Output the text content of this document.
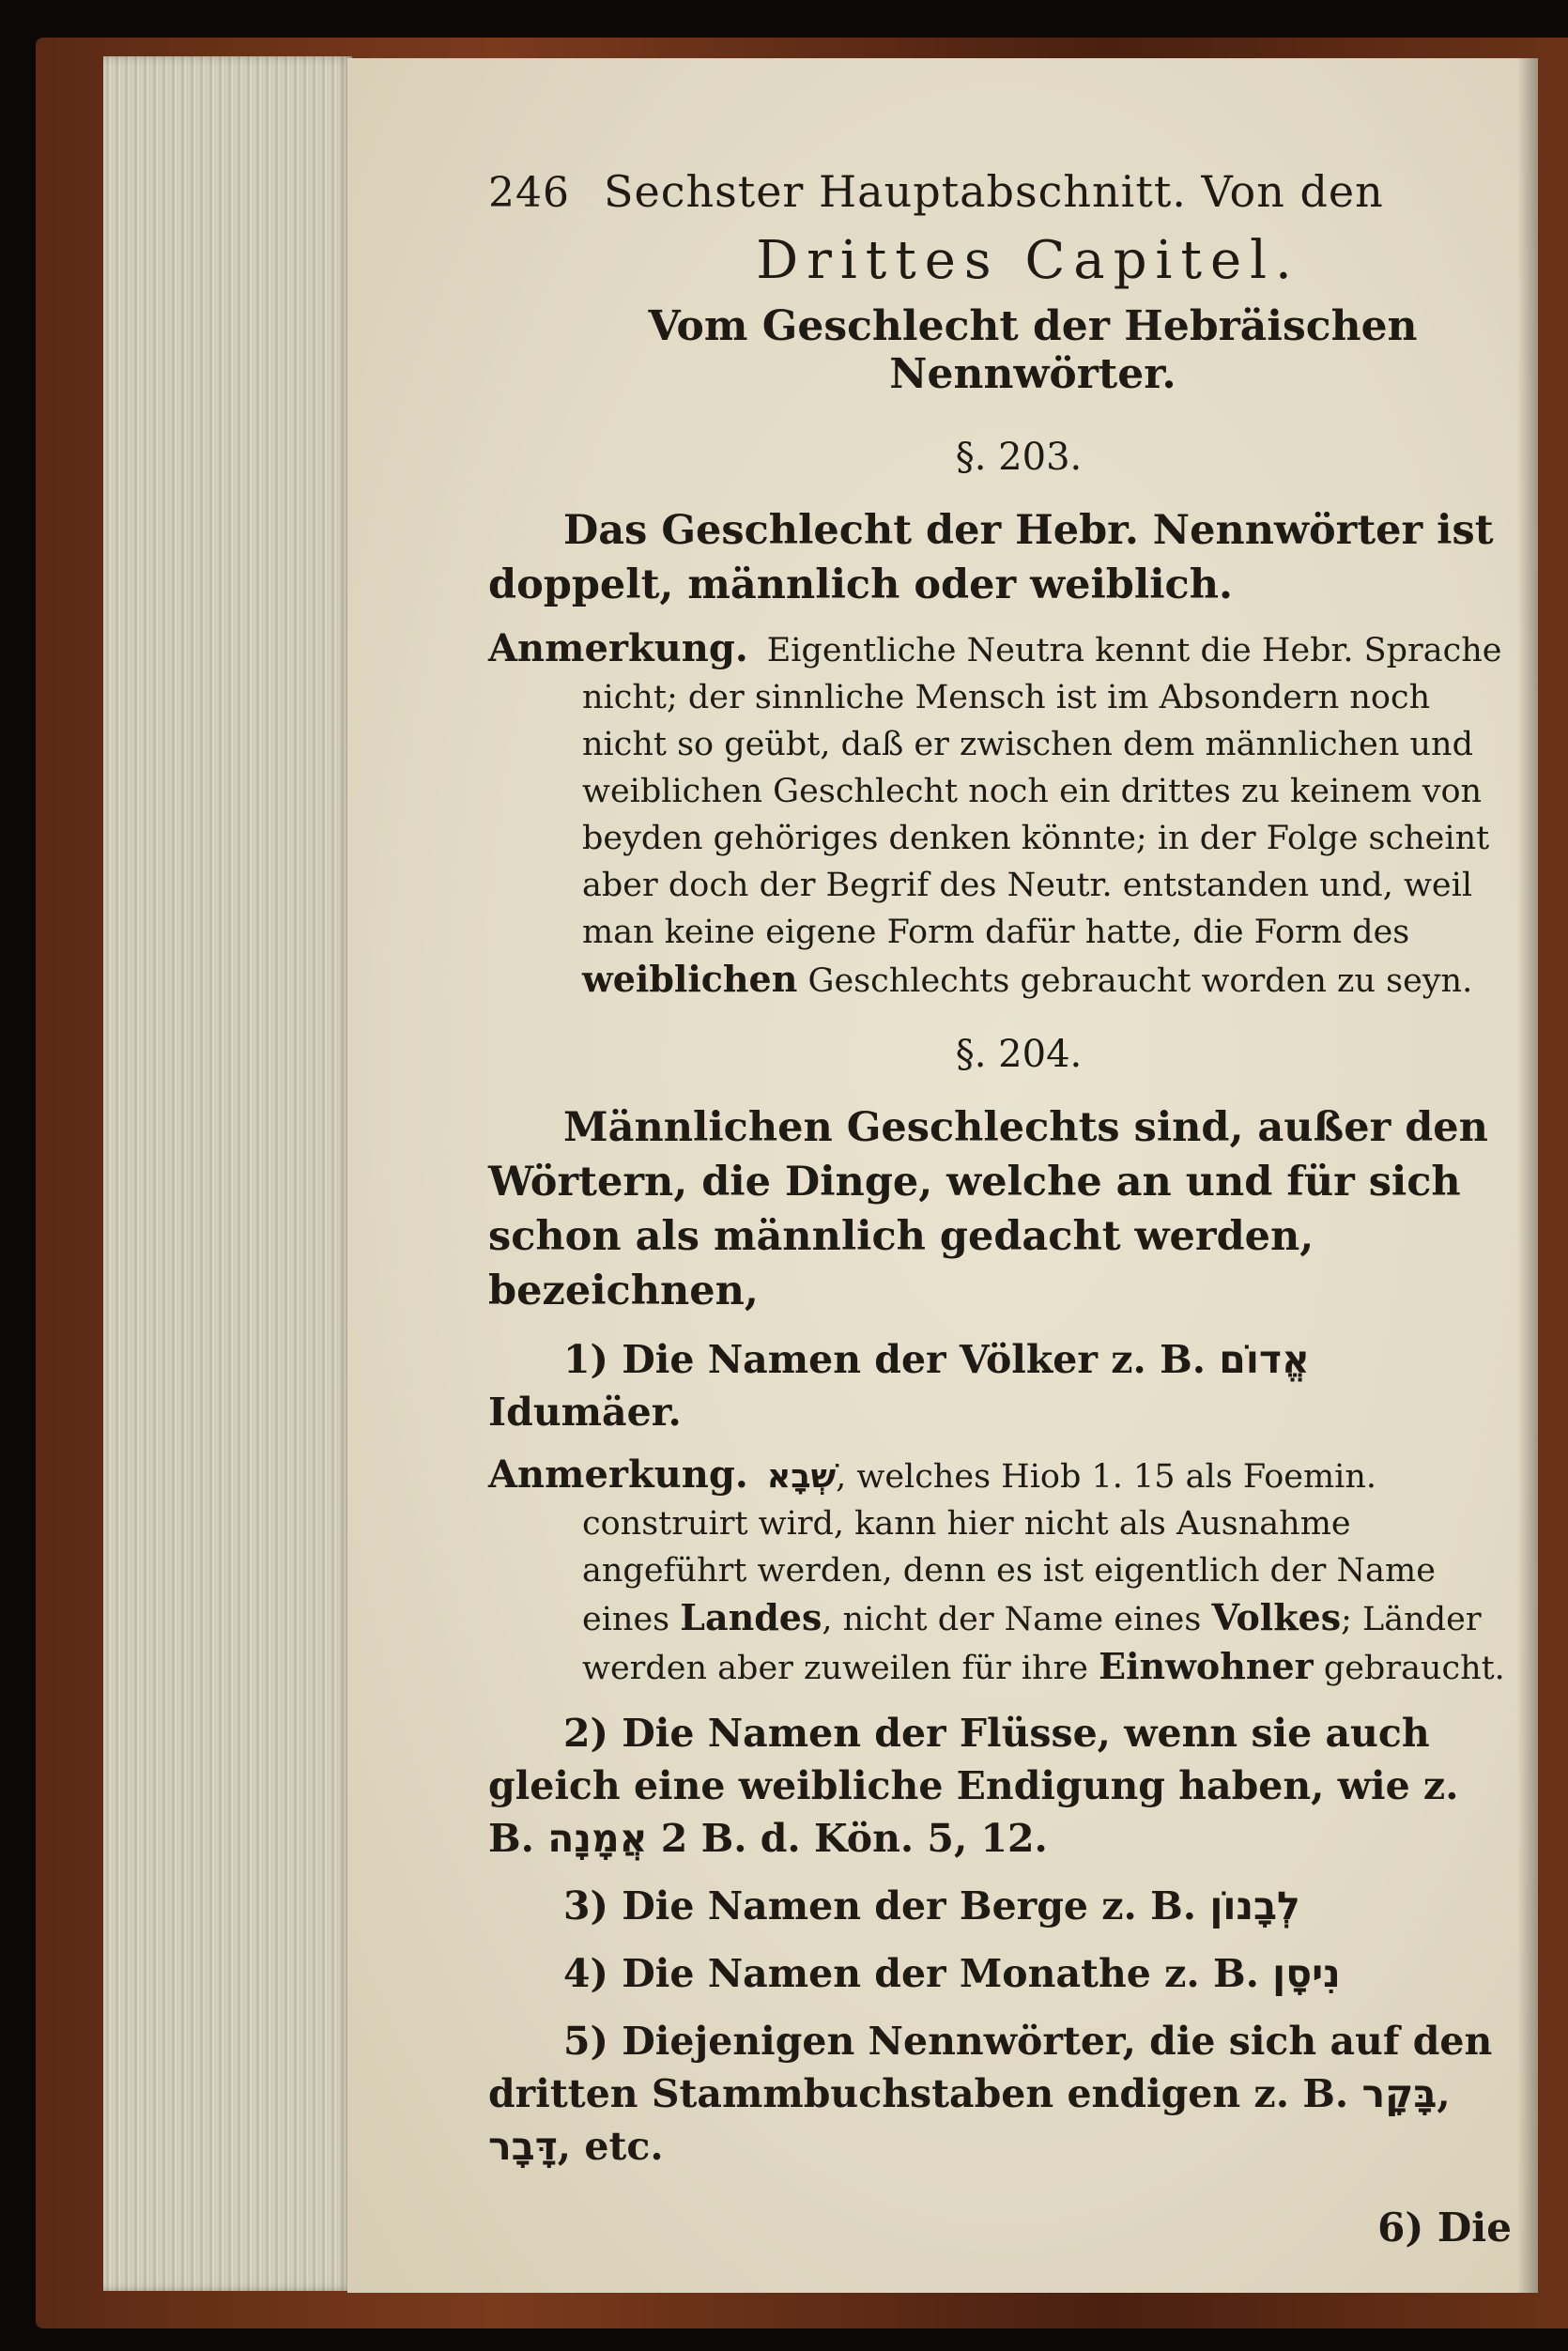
246 Sechster Hauptabschnitt. Von den
Drittes Capitel.
Vom Geschlecht der Hebräischen Nennwörter.
§. 203.

Das Geschlecht der Hebr. Nennwörter ist doppelt, männlich oder weiblich.

Anmerkung. Eigentliche Neutra kennt die Hebr. Sprache nicht; der sinnliche Mensch ist im Absondern noch nicht so geübt, daß er zwischen dem männlichen und weiblichen Geschlecht noch ein drittes zu keinem von beyden gehöriges denken könnte; in der Folge scheint aber doch der Begrif des Neutr. entstanden und, weil man keine eigene Form dafür hatte, die Form des weiblichen Geschlechts gebraucht worden zu seyn.

§. 204.

Männlichen Geschlechts sind, außer den Wörtern, die Dinge, welche an und für sich schon als männlich gedacht werden, bezeichnen,

1) Die Namen der Völker z. B. אֱדוֹם Idumäer.

Anmerkung. שְׁבָא, welches Hiob 1. 15 als Foemin. construirt wird, kann hier nicht als Ausnahme angeführt werden, denn es ist eigentlich der Name eines Landes, nicht der Name eines Volkes; Länder werden aber zuweilen für ihre Einwohner gebraucht.

2) Die Namen der Flüsse, wenn sie auch gleich eine weibliche Endigung haben, wie z. B. אֲמָנָה 2 B. d. Kön. 5, 12.

3) Die Namen der Berge z. B. לְבָנוֹן

4) Die Namen der Monathe z. B. נִיסָן

5) Diejenigen Nennwörter, die sich auf den dritten Stammbuchstaben endigen z. B. בָּקָר, דָּבָר, etc.

6) Die
